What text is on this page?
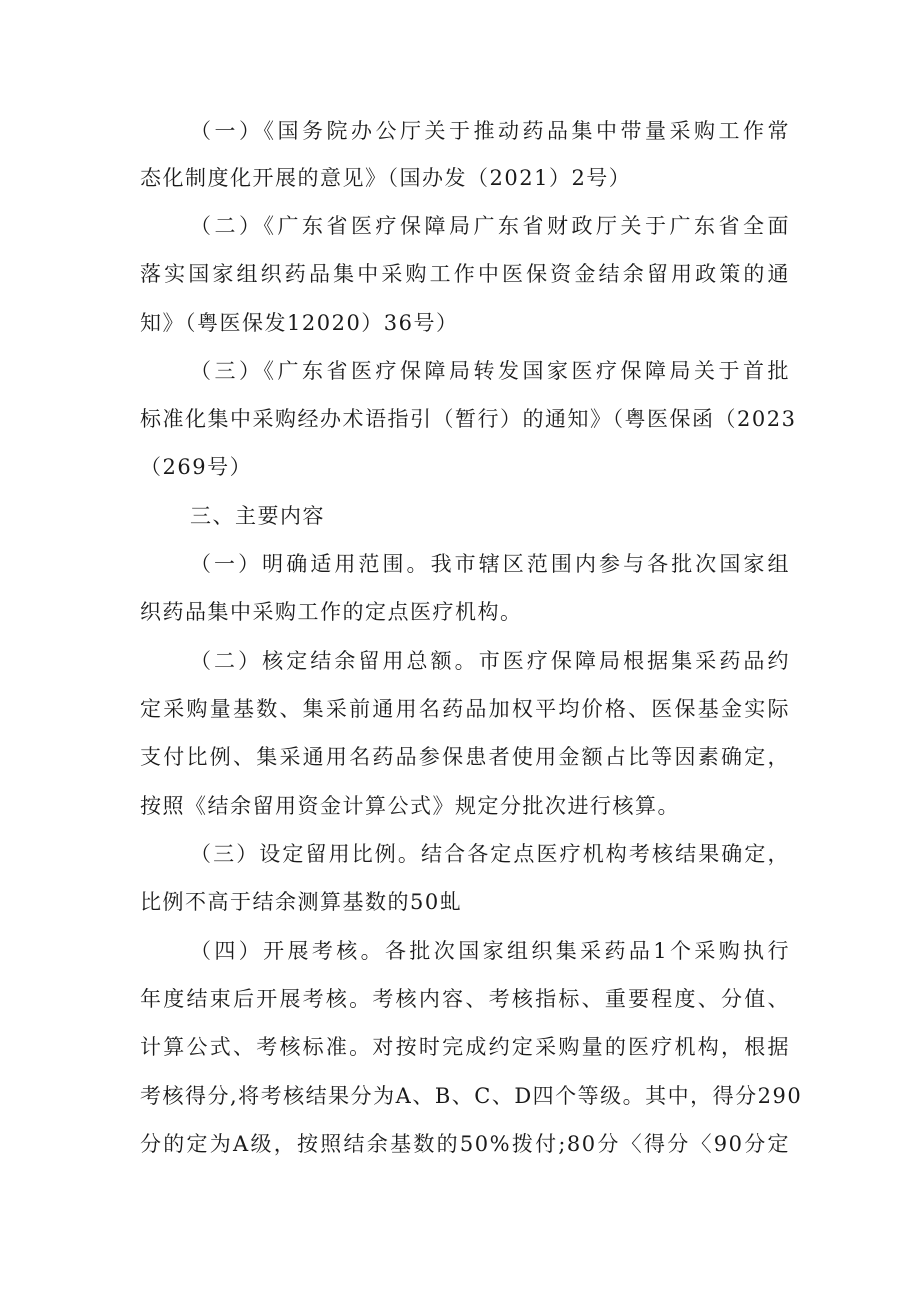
（一）《国务院办公厅关于推动药品集中带量采购工作常
态化制度化开展的意见》（国办发（2021）2号）
（二）《广东省医疗保障局广东省财政厅关于广东省全面
落实国家组织药品集中采购工作中医保资金结余留用政策的通
知》（粤医保发12020）36号）
（三）《广东省医疗保障局转发国家医疗保障局关于首批
标准化集中采购经办术语指引（暂行）的通知》（粤医保函（2023
（269号）
三、主要内容
（一）明确适用范围。我市辖区范围内参与各批次国家组
织药品集中采购工作的定点医疗机构。
（二）核定结余留用总额。市医疗保障局根据集采药品约
定采购量基数、集采前通用名药品加权平均价格、医保基金实际
支付比例、集采通用名药品参保患者使用金额占比等因素确定，
按照《结余留用资金计算公式》规定分批次进行核算。
（三）设定留用比例。结合各定点医疗机构考核结果确定，
比例不高于结余测算基数的50虬
（四）开展考核。各批次国家组织集采药品1个采购执行
年度结束后开展考核。考核内容、考核指标、重要程度、分值、
计算公式、考核标准。对按时完成约定采购量的医疗机构，根据
考核得分,将考核结果分为A、B、C、D四个等级。其中，得分290
分的定为A级，按照结余基数的50%拨付;80分〈得分〈90分定
